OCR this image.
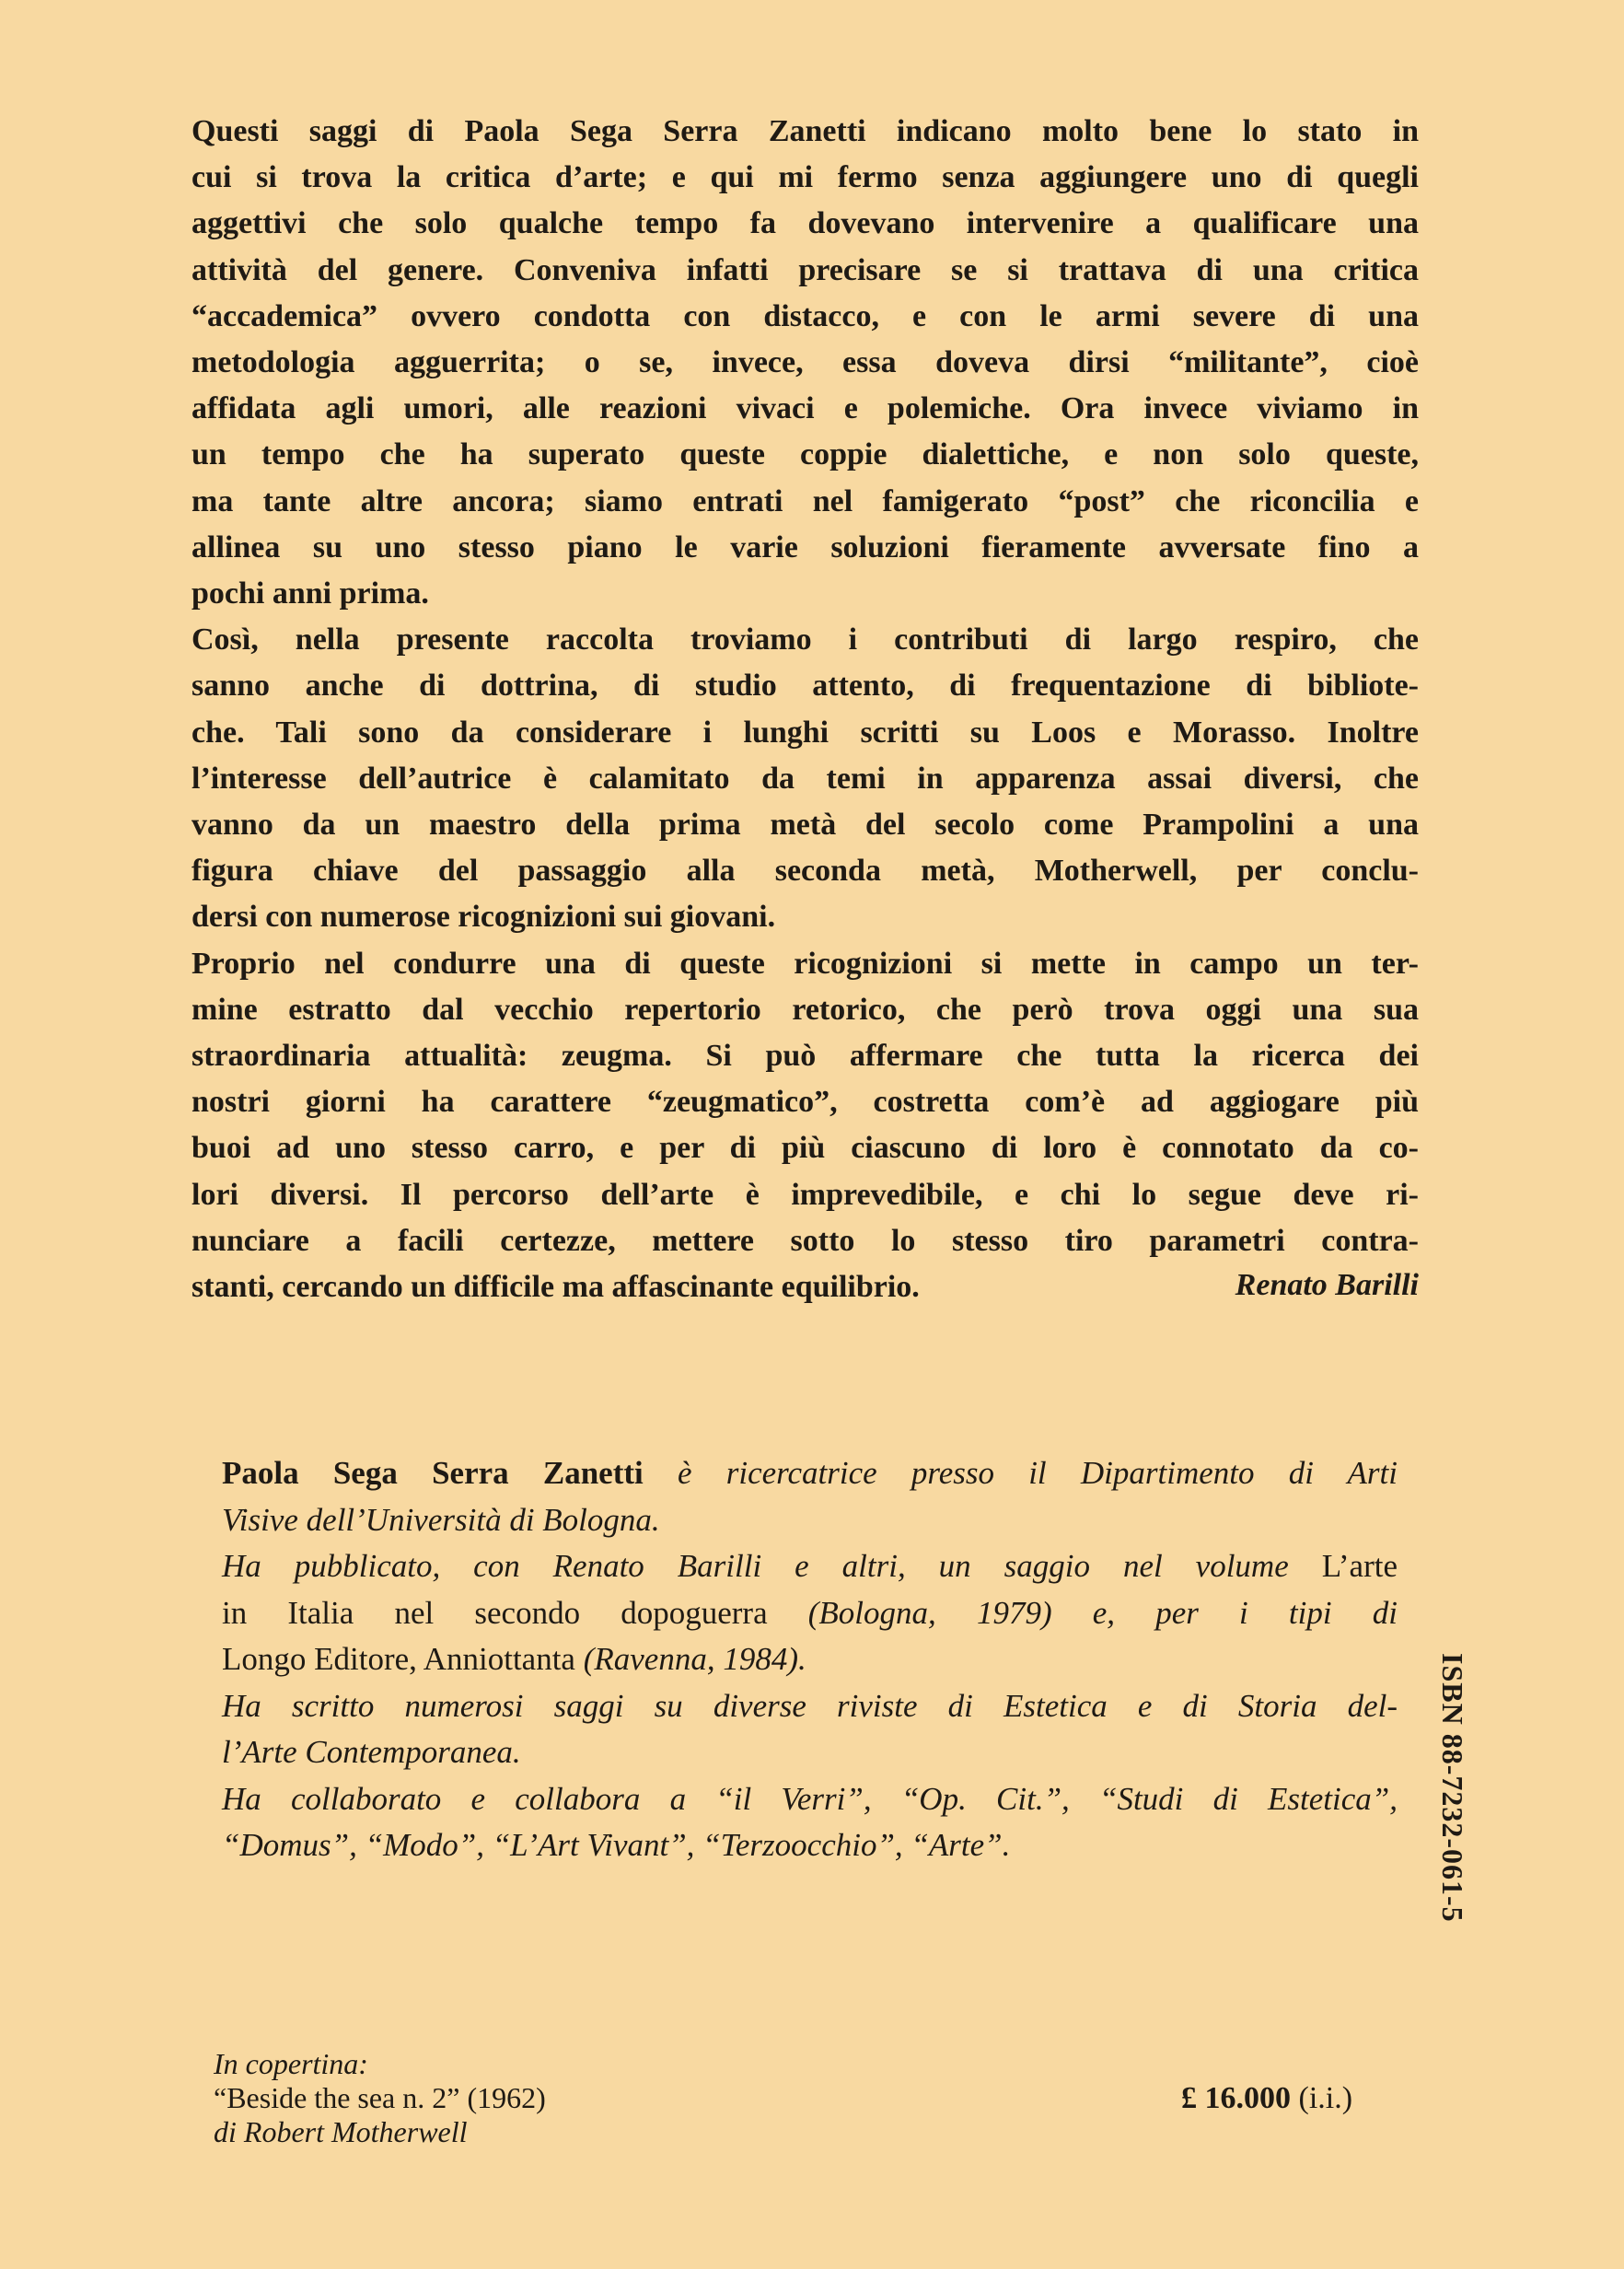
Questi saggi di Paola Sega Serra Zanetti indicano molto bene lo stato in
cui si trova la critica d’arte; e qui mi fermo senza aggiungere uno di quegli
aggettivi che solo qualche tempo fa dovevano intervenire a qualificare una
attività del genere. Conveniva infatti precisare se si trattava di una critica
“accademica” ovvero condotta con distacco, e con le armi severe di una
metodologia agguerrita; o se, invece, essa doveva dirsi “militante”, cioè
affidata agli umori, alle reazioni vivaci e polemiche. Ora invece viviamo in
un tempo che ha superato queste coppie dialettiche, e non solo queste,
ma tante altre ancora; siamo entrati nel famigerato “post” che riconcilia e
allinea su uno stesso piano le varie soluzioni fieramente avversate fino a
pochi anni prima.
Così, nella presente raccolta troviamo i contributi di largo respiro, che
sanno anche di dottrina, di studio attento, di frequentazione di bibliote-
che. Tali sono da considerare i lunghi scritti su Loos e Morasso. Inoltre
l’interesse dell’autrice è calamitato da temi in apparenza assai diversi, che
vanno da un maestro della prima metà del secolo come Prampolini a una
figura chiave del passaggio alla seconda metà, Motherwell, per conclu-
dersi con numerose ricognizioni sui giovani.
Proprio nel condurre una di queste ricognizioni si mette in campo un ter-
mine estratto dal vecchio repertorio retorico, che però trova oggi una sua
straordinaria attualità: zeugma. Si può affermare che tutta la ricerca dei
nostri giorni ha carattere “zeugmatico”, costretta com’è ad aggiogare più
buoi ad uno stesso carro, e per di più ciascuno di loro è connotato da co-
lori diversi. Il percorso dell’arte è imprevedibile, e chi lo segue deve ri-
nunciare a facili certezze, mettere sotto lo stesso tiro parametri contra-
stanti, cercando un difficile ma affascinante equilibrio.	Renato Barilli
Paola Sega Serra Zanetti è ricercatrice presso il Dipartimento di Arti
Visive dell’Università di Bologna.
Ha pubblicato, con Renato Barilli e altri, un saggio nel volume L’arte
in Italia nel secondo dopoguerra (Bologna, 1979) e, per i tipi di
Longo Editore, Anniottanta (Ravenna, 1984).
Ha scritto numerosi saggi su diverse riviste di Estetica e di Storia del-
l’Arte Contemporanea.
Ha collaborato e collabora a “il Verri”, “Op. Cit.”, “Studi di Estetica”,
“Domus”, “Modo”, “L’Art Vivant”, “Terzoocchio”, “Arte”.	ISBN 88-7232-061-5
In copertina:
“Beside the sea n. 2” (1962)
di Robert Motherwell
£ 16.000 (i.i.)
